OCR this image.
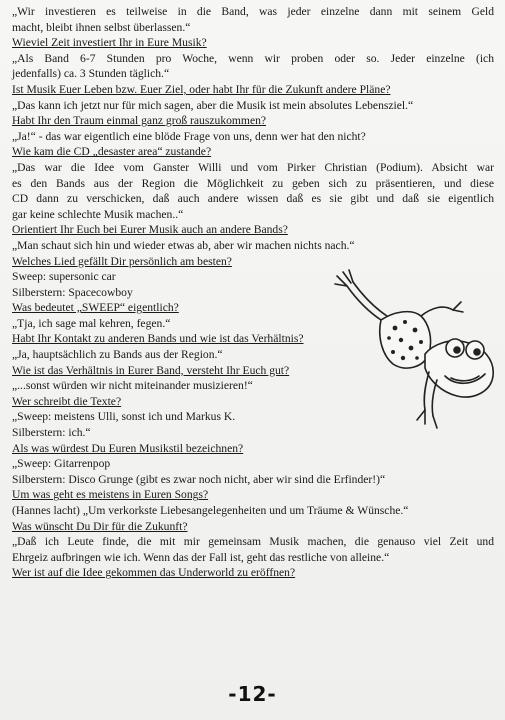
„Wir investieren es teilweise in die Band, was jeder einzelne dann mit seinem Geld
macht, bleibt ihnen selbst überlassen.“
Wieviel Zeit investiert Ihr in Eure Musik?
„Als Band 6-7 Stunden pro Woche, wenn wir proben oder so. Jeder einzelne (ich
jedenfalls) ca. 3 Stunden täglich.“
Ist Musik Euer Leben bzw. Euer Ziel, oder habt Ihr für die Zukunft andere Pläne?
„Das kann ich jetzt nur für mich sagen, aber die Musik ist mein absolutes Lebensziel.“
Habt Ihr den Traum einmal ganz groß rauszukommen?
„Ja!“ - das war eigentlich eine blöde Frage von uns, denn wer hat den nicht?
Wie kam die CD „desaster area“ zustande?
„Das war die Idee vom Ganster Willi und vom Pirker Christian (Podium). Absicht war
es den Bands aus der Region die Möglichkeit zu geben sich zu präsentieren, und diese
CD dann zu verschicken, daß auch andere wissen daß es sie gibt und daß sie eigentlich
gar keine schlechte Musik machen..“
Orientiert Ihr Euch bei Eurer Musik auch an andere Bands?
„Man schaut sich hin und wieder etwas ab, aber wir machen nichts nach.“
Welches Lied gefällt Dir persönlich am besten?
Sweep: supersonic car
Silberstern: Spacecowboy
Was bedeutet „SWEEP“ eigentlich?
„Tja, ich sage mal kehren, fegen.“
Habt Ihr Kontakt zu anderen Bands und wie ist das Verhältnis?
„Ja, hauptsächlich zu Bands aus der Region.“
Wie ist das Verhältnis in Eurer Band, versteht Ihr Euch gut?
„...sonst würden wir nicht miteinander musizieren!“
Wer schreibt die Texte?
„Sweep: meistens Ulli, sonst ich und Markus K.
Silberstern: ich.“
Als was würdest Du Euren Musikstil bezeichnen?
„Sweep: Gitarrenpop
Silberstern: Disco Grunge (gibt es zwar noch nicht, aber wir sind die Erfinder!)“
Um was geht es meistens in Euren Songs?
(Hannes lacht) „Um verkorkste Liebesangelegenheiten und um Träume & Wünsche.“
Was wünscht Du Dir für die Zukunft?
„Daß ich Leute finde, die mit mir gemeinsam Musik machen, die genauso viel Zeit und
Ehrgeiz aufbringen wie ich. Wenn das der Fall ist, geht das restliche von alleine.“
Wer ist auf die Idee gekommen das Underworld zu eröffnen?
-12-
